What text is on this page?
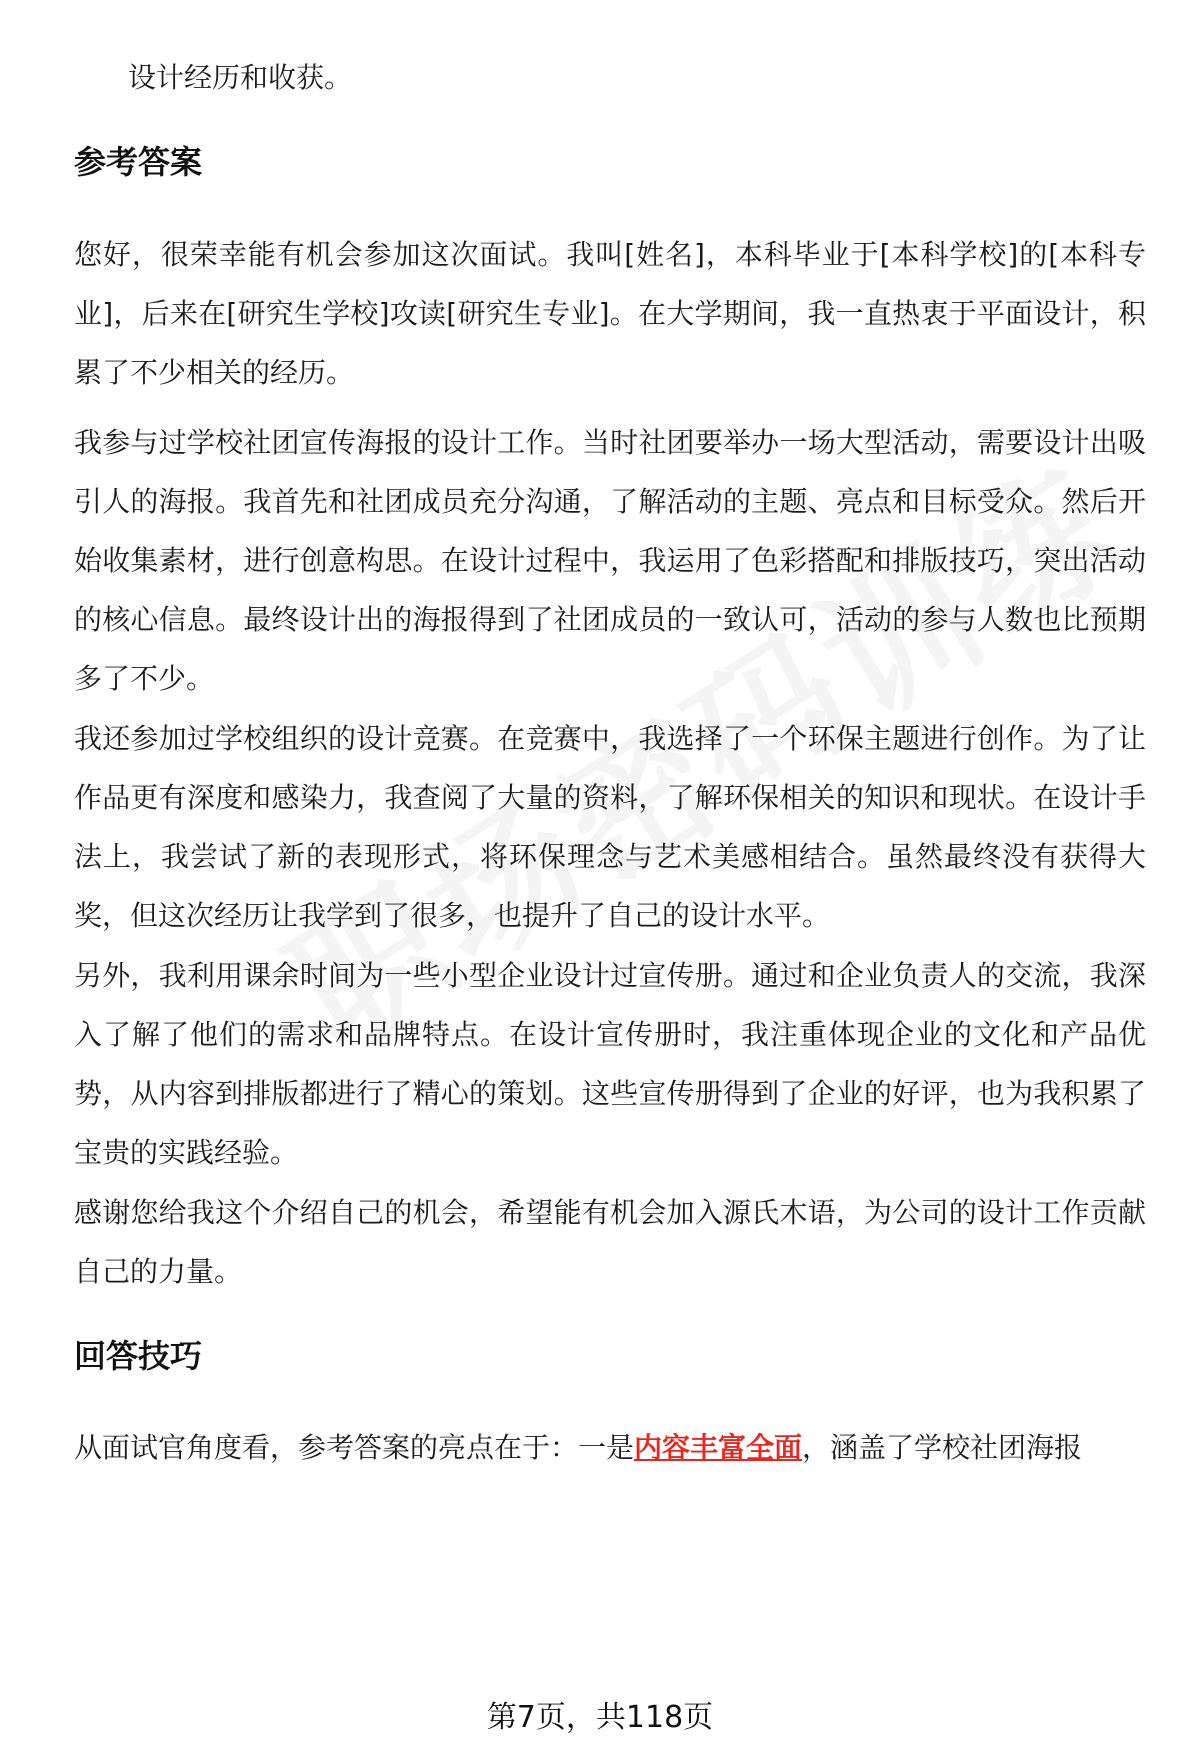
设计经历和收获。
参考答案

您好，很荣幸能有机会参加这次面试。我叫[姓名]，本科毕业于[本科学校]的[本科专业]，后来在[研究生学校]攻读[研究生专业]。在大学期间，我一直热衷于平面设计，积累了不少相关的经历。

我参与过学校社团宣传海报的设计工作。当时社团要举办一场大型活动，需要设计出吸引人的海报。我首先和社团成员充分沟通，了解活动的主题、亮点和目标受众。然后开始收集素材，进行创意构思。在设计过程中，我运用了色彩搭配和排版技巧，突出活动的核心信息。最终设计出的海报得到了社团成员的一致认可，活动的参与人数也比预期多了不少。

我还参加过学校组织的设计竞赛。在竞赛中，我选择了一个环保主题进行创作。为了让作品更有深度和感染力，我查阅了大量的资料，了解环保相关的知识和现状。在设计手法上，我尝试了新的表现形式，将环保理念与艺术美感相结合。虽然最终没有获得大奖，但这次经历让我学到了很多，也提升了自己的设计水平。

另外，我利用课余时间为一些小型企业设计过宣传册。通过和企业负责人的交流，我深入了解了他们的需求和品牌特点。在设计宣传册时，我注重体现企业的文化和产品优势，从内容到排版都进行了精心的策划。这些宣传册得到了企业的好评，也为我积累了宝贵的实践经验。

感谢您给我这个介绍自己的机会，希望能有机会加入源氏木语，为公司的设计工作贡献自己的力量。

回答技巧

从面试官角度看，参考答案的亮点在于：一是内容丰富全面，涵盖了学校社团海报

第7页，共118页
